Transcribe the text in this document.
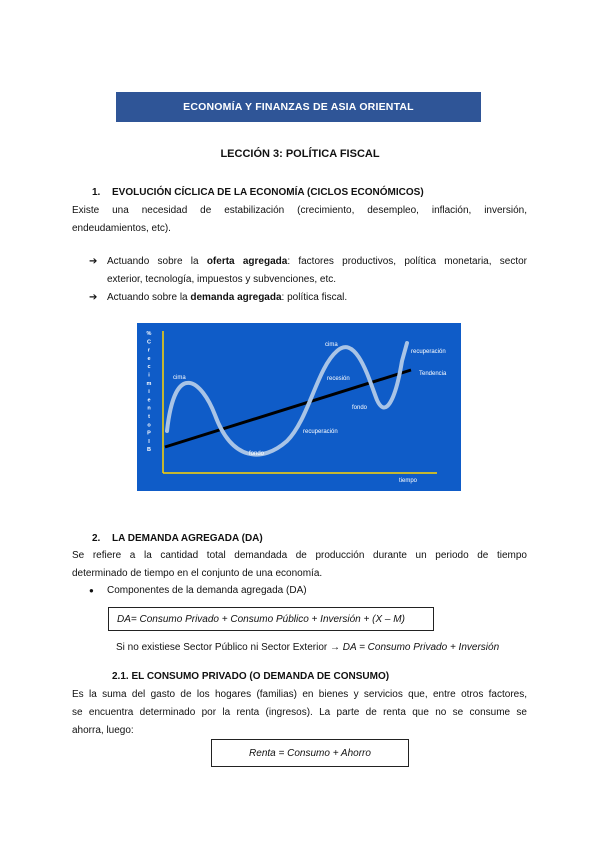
ECONOMÍA Y FINANZAS DE ASIA ORIENTAL
LECCIÓN 3: POLÍTICA FISCAL
1. EVOLUCIÓN CÍCLICA DE LA ECONOMÍA (CICLOS ECONÓMICOS)
Existe una necesidad de estabilización (crecimiento, desempleo, inflación, inversión,
endeudamientos, etc).
➔ Actuando sobre la oferta agregada: factores productivos, política monetaria, sector
exterior, tecnología, impuestos y subvenciones, etc.
➔ Actuando sobre la demanda agregada: política fiscal.
%
C
r
e
c
i
m
i
e
n
t
o
P
I
B
cima
fondo
recuperación
cima
recesión
fondo
recuperación
Tendencia
tiempo
2. LA DEMANDA AGREGADA (DA)
Se refiere a la cantidad total demandada de producción durante un periodo de tiempo
determinado de tiempo en el conjunto de una economía.
● Componentes de la demanda agregada (DA)
DA= Consumo Privado + Consumo Público + Inversión + (X – M)
Si no existiese Sector Público ni Sector Exterior → DA = Consumo Privado + Inversión
2.1. EL CONSUMO PRIVADO (O DEMANDA DE CONSUMO)
Es la suma del gasto de los hogares (familias) en bienes y servicios que, entre otros factores,
se encuentra determinado por la renta (ingresos). La parte de renta que no se consume se
ahorra, luego:
Renta = Consumo + Ahorro
